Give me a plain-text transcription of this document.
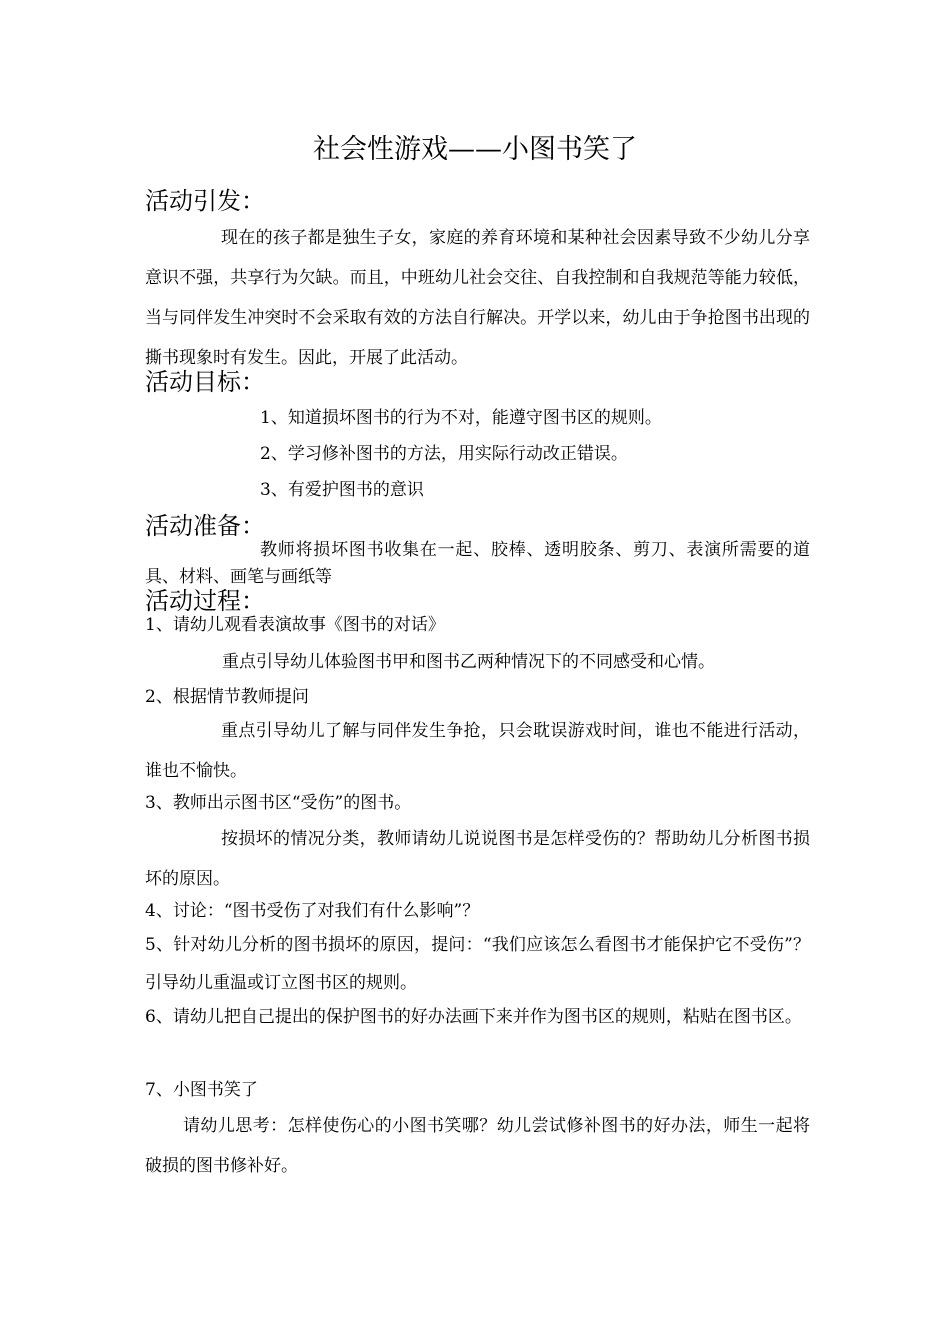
社会性游戏——小图书笑了
活动引发：

现在的孩子都是独生子女，家庭的养育环境和某种社会因素导致不少幼儿分享意识不强，共享行为欠缺。而且，中班幼儿社会交往、自我控制和自我规范等能力较低，当与同伴发生冲突时不会采取有效的方法自行解决。开学以来，幼儿由于争抢图书出现的撕书现象时有发生。因此，开展了此活动。

活动目标：
1、知道损坏图书的行为不对，能遵守图书区的规则。
2、学习修补图书的方法，用实际行动改正错误。
3、有爱护图书的意识
活动准备：

教师将损坏图书收集在一起、胶棒、透明胶条、剪刀、表演所需要的道具、材料、画笔与画纸等

活动过程：

1、请幼儿观看表演故事《图书的对话》

重点引导幼儿体验图书甲和图书乙两种情况下的不同感受和心情。

2、根据情节教师提问

重点引导幼儿了解与同伴发生争抢，只会耽误游戏时间，谁也不能进行活动，谁也不愉快。

3、教师出示图书区“受伤”的图书。

按损坏的情况分类，教师请幼儿说说图书是怎样受伤的？帮助幼儿分析图书损坏的原因。

4、讨论：“图书受伤了对我们有什么影响”？

5、针对幼儿分析的图书损坏的原因，提问：“我们应该怎么看图书才能保护它不受伤”？引导幼儿重温或订立图书区的规则。

6、请幼儿把自己提出的保护图书的好办法画下来并作为图书区的规则，粘贴在图书区。

7、小图书笑了

请幼儿思考：怎样使伤心的小图书笑哪？幼儿尝试修补图书的好办法，师生一起将破损的图书修补好。
